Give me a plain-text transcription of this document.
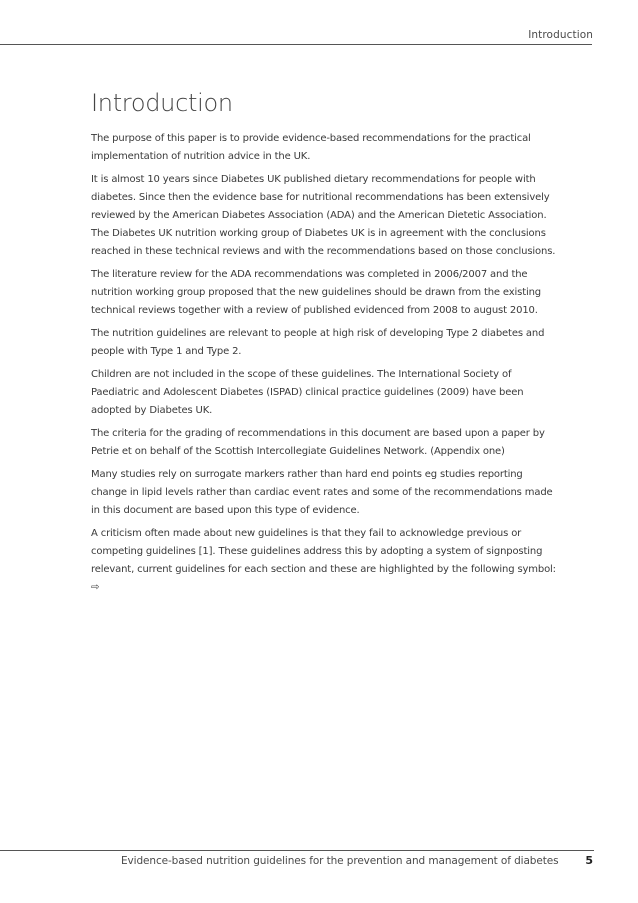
Introduction
Introduction

The purpose of this paper is to provide evidence-based recommendations for the practical implementation of nutrition advice in the UK.

It is almost 10 years since Diabetes UK published dietary recommendations for people with diabetes. Since then the evidence base for nutritional recommendations has been extensively reviewed by the American Diabetes Association (ADA) and the American Dietetic Association. The Diabetes UK nutrition working group of Diabetes UK is in agreement with the conclusions reached in these technical reviews and with the recommendations based on those conclusions.

The literature review for the ADA recommendations was completed in 2006/2007 and the nutrition working group proposed that the new guidelines should be drawn from the existing technical reviews together with a review of published evidenced from 2008 to august 2010.

The nutrition guidelines are relevant to people at high risk of developing Type 2 diabetes and people with Type 1 and Type 2.

Children are not included in the scope of these guidelines. The International Society of Paediatric and Adolescent Diabetes (ISPAD) clinical practice guidelines (2009) have been adopted by Diabetes UK.

The criteria for the grading of recommendations in this document are based upon a paper by Petrie et on behalf of the Scottish Intercollegiate Guidelines Network. (Appendix one)

Many studies rely on surrogate markers rather than hard end points eg studies reporting change in lipid levels rather than cardiac event rates and some of the recommendations made in this document are based upon this type of evidence.

A criticism often made about new guidelines is that they fail to acknowledge previous or competing guidelines [1]. These guidelines address this by adopting a system of signposting relevant, current guidelines for each section and these are highlighted by the following symbol:⇨

Evidence-based nutrition guidelines for the prevention and management of diabetes 5
